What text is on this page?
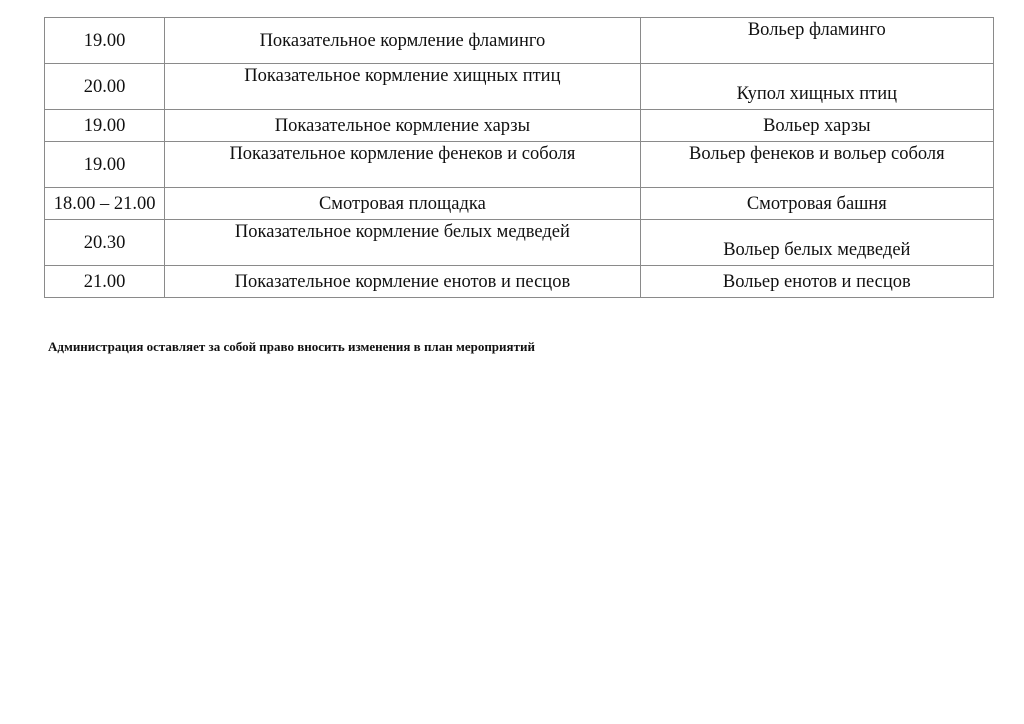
19.00	Показательное кормление фламинго	Вольер фламинго
20.00	Показательное кормление хищных птиц	Купол хищных птиц
19.00	Показательное кормление харзы	Вольер харзы
19.00	Показательное кормление фенеков и соболя	Вольер фенеков и вольер соболя
18.00 – 21.00	Смотровая площадка	Смотровая башня
20.30	Показательное кормление белых медведей	Вольер белых медведей
21.00	Показательное кормление енотов и песцов	Вольер енотов и песцов

Администрация оставляет за собой право вносить изменения в план мероприятий
